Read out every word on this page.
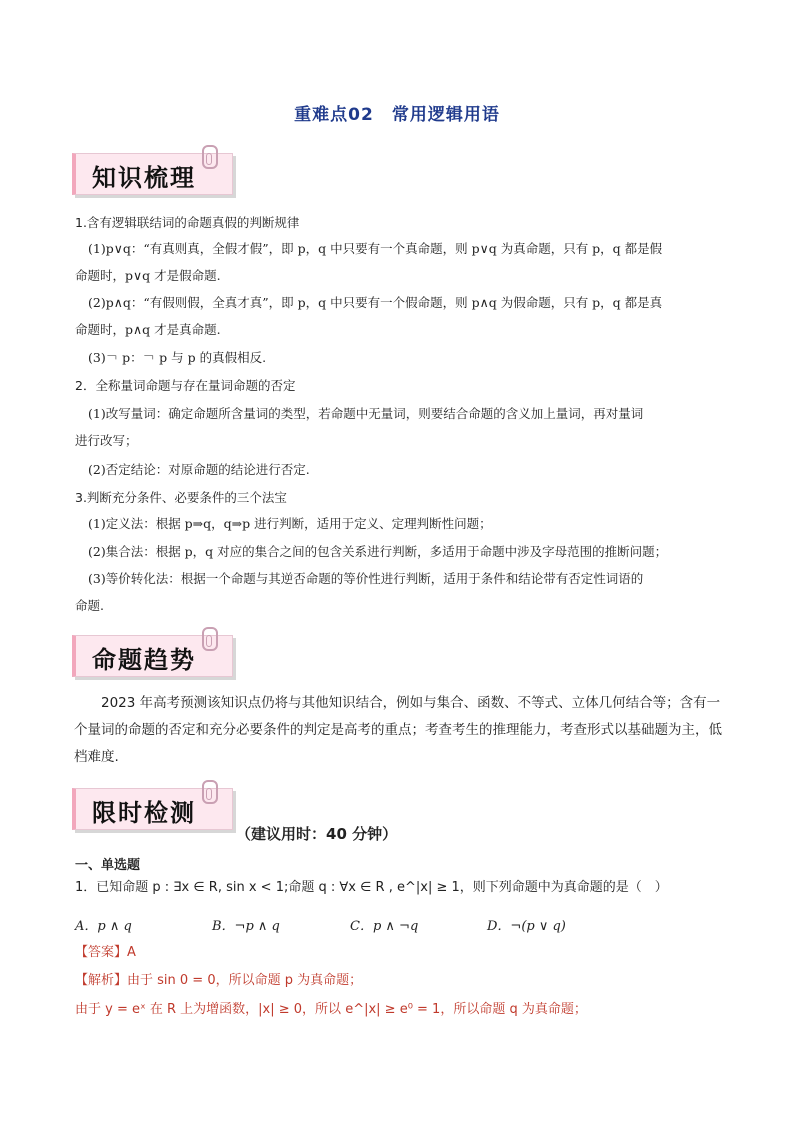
重难点02　常用逻辑用语
知识梳理
1.含有逻辑联结词的命题真假的判断规律
(1)p∨q：“有真则真，全假才假”，即 p，q 中只要有一个真命题，则 p∨q 为真命题，只有 p，q 都是假
命题时，p∨q 才是假命题.
(2)p∧q：“有假则假，全真才真”，即 p，q 中只要有一个假命题，则 p∧q 为假命题，只有 p，q 都是真
命题时，p∧q 才是真命题.
(3)￢ p：￢ p 与 p 的真假相反.
2．全称量词命题与存在量词命题的否定
(1)改写量词：确定命题所含量词的类型，若命题中无量词，则要结合命题的含义加上量词，再对量词
进行改写；
(2)否定结论：对原命题的结论进行否定.
3.判断充分条件、必要条件的三个法宝
(1)定义法：根据 p⇒q，q⇒p 进行判断，适用于定义、定理判断性问题；
(2)集合法：根据 p，q 对应的集合之间的包含关系进行判断，多适用于命题中涉及字母范围的推断问题；
(3)等价转化法：根据一个命题与其逆否命题的等价性进行判断，适用于条件和结论带有否定性词语的
命题.
命题趋势
2023 年高考预测该知识点仍将与其他知识结合，例如与集合、函数、不等式、立体几何结合等；含有一个量词的命题的否定和充分必要条件的判定是高考的重点；考查考生的推理能力，考查形式以基础题为主，低档难度.
限时检测
（建议用时：40 分钟）
一、单选题
1．已知命题 p : ∃x ∈ R, sin x < 1;命题 q : ∀x ∈ R , e^|x| ≥ 1，则下列命题中为真命题的是（　）
A．p ∧ q	B．¬p ∧ q	C．p ∧ ¬q	D．¬(p ∨ q)
【答案】A
【解析】由于 sin 0 = 0，所以命题 p 为真命题；
由于 y = eˣ 在 R 上为增函数，|x| ≥ 0，所以 e^|x| ≥ e⁰ = 1，所以命题 q 为真命题；
